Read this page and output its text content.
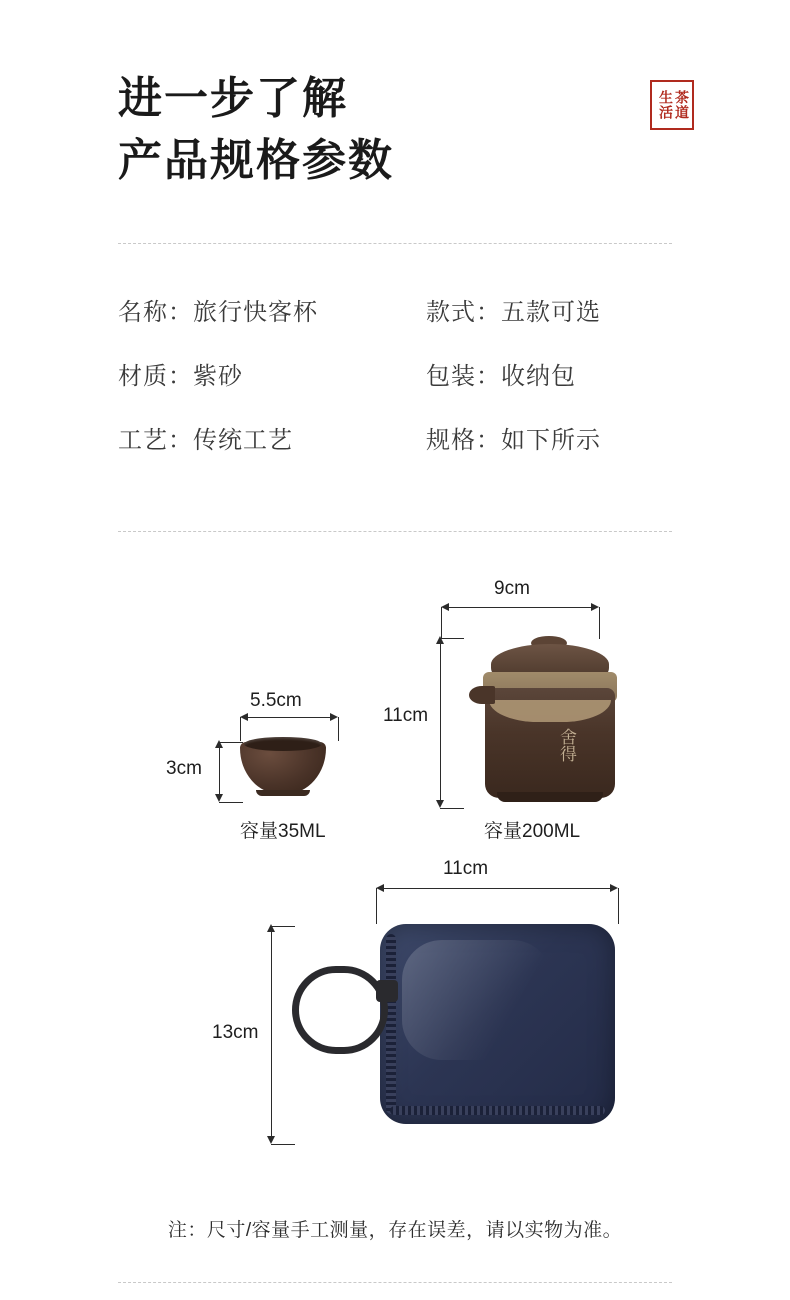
进一步了解
产品规格参数
茶道
生活
名称：旅行快客杯	款式：五款可选
材质：紫砂	包装：收纳包
工艺：传统工艺	规格：如下所示
5.5cm
3cm
容量35ML
舍得
9cm
11cm
容量200ML
11cm
13cm
注：尺寸/容量手工测量，存在误差，请以实物为准。
